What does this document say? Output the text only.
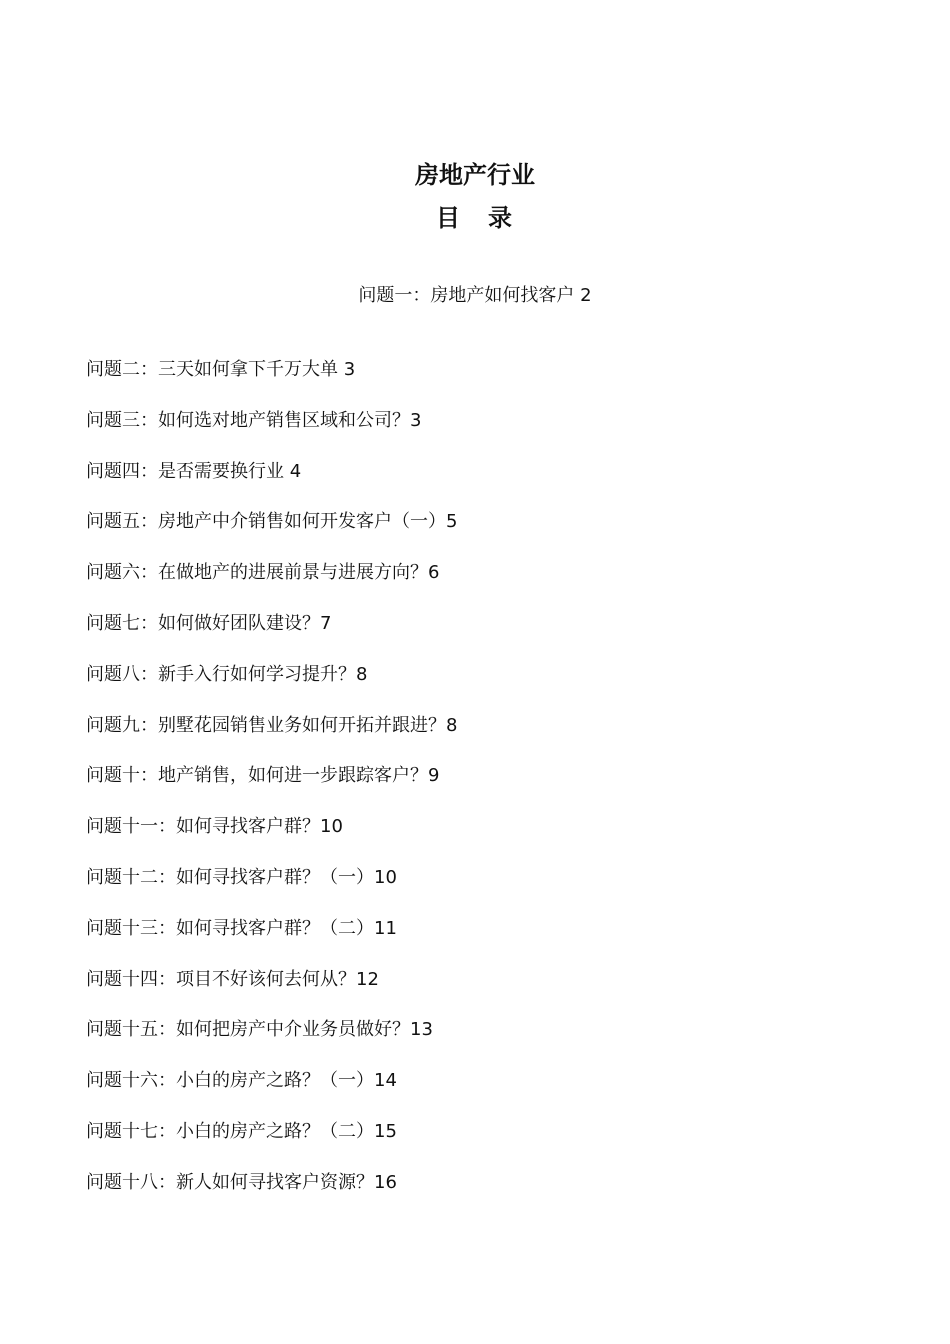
房地产行业
目　录

问题一：房地产如何找客户 2

问题二：三天如何拿下千万大单 3
问题三：如何选对地产销售区域和公司？3
问题四：是否需要换行业 4
问题五：房地产中介销售如何开发客户（一）5
问题六：在做地产的进展前景与进展方向？6
问题七：如何做好团队建设？7
问题八：新手入行如何学习提升？8
问题九：别墅花园销售业务如何开拓并跟进？8
问题十：地产销售，如何进一步跟踪客户？9
问题十一：如何寻找客户群？10
问题十二：如何寻找客户群？（一）10
问题十三：如何寻找客户群？（二）11
问题十四：项目不好该何去何从？12
问题十五：如何把房产中介业务员做好？13
问题十六：小白的房产之路？（一）14
问题十七：小白的房产之路？（二）15
问题十八：新人如何寻找客户资源？16
